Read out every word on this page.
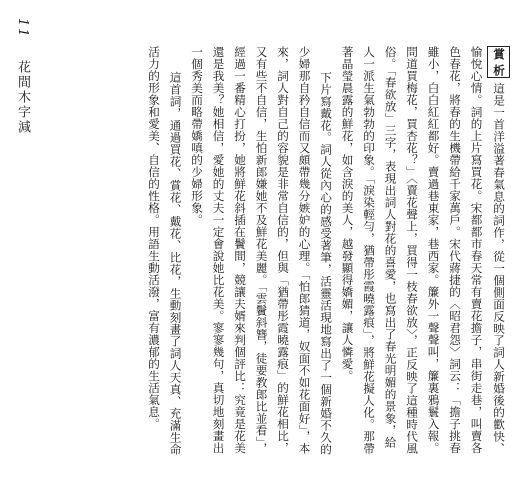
11　花間木字減	賞 析這是一首洋溢著春氣息的詞作，從一個側面反映了詞人新婚後的歡快、愉悅心情。詞的上片寫買花。宋都都市春天常有賣花擔子，串街走巷，叫賣各色春花，將春的生機帶給千家萬戶。宋代蔣捷的〈昭君怨〉詞云：「擔子挑春雖小，白白紅紅都好。賣過巷東家，巷西家。簾外一聲聲叫，簾裏鴉鬟入報。問道買梅花，買杏花？」〈賣花聲上，買得一枝春欲放〉，正反映了這種時代風俗。「春欲放」三字，表現出詞人對花的喜愛，也寫出了春光明媚的景象，給人一派生氣勃勃的印象。「淚染輕勻，猶帶彤霞曉露痕」，將鮮花擬人化。那帶著晶瑩晨露的鮮花，如含淚的美人，越發顯得嬌媚，讓人憐愛。

下片寫戴花。詞人從內心的感受著筆，活靈活現地寫出了一個新婚不久的少婦那自矜自信而又頗帶幾分嫉妒的心理。「怕郎猜道，奴面不如花面好」，本來，詞人對自己的容貌是非常自信的，但與「猶帶彤霞曉露痕」的鮮花相比，又有些不自信，生怕新郎嫌她不及鮮花美麗。「雲鬢斜簪，徒要教郎比並看」，經過一番精心打扮，她將鮮花斜插在鬢間，競讓夫婿來判個評比：究竟是花美還是我美？她相信，愛她的丈夫一定會說她比花美。寥寥幾句，真切地刻畫出一個秀美而略帶嬌嗔的少婦形象。

這首詞，通過買花、賞花、戴花、比花，生動刻畫了詞人天真、充滿生命活力的形象和愛美、自信的性格。用語生動活潑，富有濃郁的生活氣息。
